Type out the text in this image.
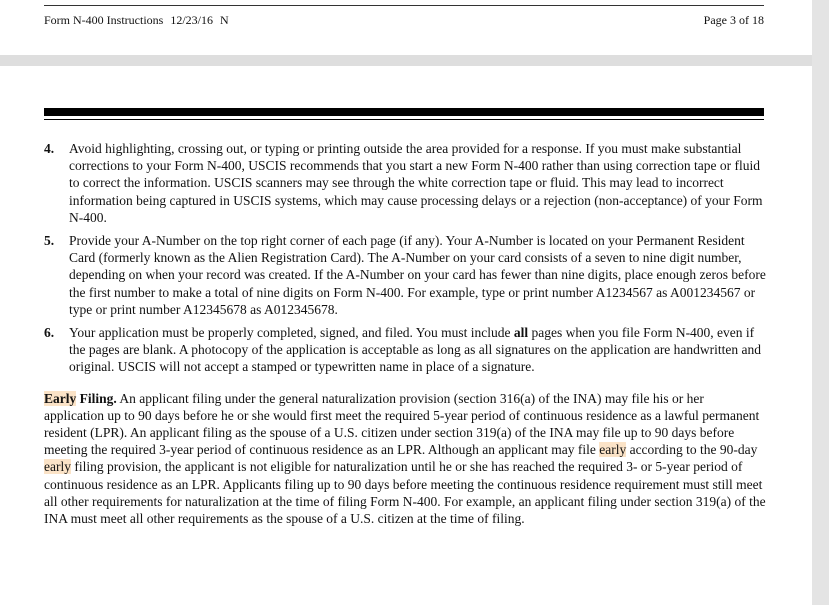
Form N-400 Instructions 12/23/16 N	Page 3 of 18
4.	Avoid highlighting, crossing out, or typing or printing outside the area provided for a response. If you must make substantial corrections to your Form N-400, USCIS recommends that you start a new Form N-400 rather than using correction tape or fluid to correct the information. USCIS scanners may see through the white correction tape or fluid. This may lead to incorrect information being captured in USCIS systems, which may cause processing delays or a rejection (non-acceptance) of your Form N-400.
5.	Provide your A-Number on the top right corner of each page (if any). Your A-Number is located on your Permanent Resident Card (formerly known as the Alien Registration Card). The A-Number on your card consists of a seven to nine digit number, depending on when your record was created. If the A-Number on your card has fewer than nine digits, place enough zeros before the first number to make a total of nine digits on Form N-400. For example, type or print number A1234567 as A001234567 or type or print number A12345678 as A012345678.
6.	Your application must be properly completed, signed, and filed. You must include all pages when you file Form N-400, even if the pages are blank. A photocopy of the application is acceptable as long as all signatures on the application are handwritten and original. USCIS will not accept a stamped or typewritten name in place of a signature.
Early Filing. An applicant filing under the general naturalization provision (section 316(a) of the INA) may file his or her application up to 90 days before he or she would first meet the required 5-year period of continuous residence as a lawful permanent resident (LPR). An applicant filing as the spouse of a U.S. citizen under section 319(a) of the INA may file up to 90 days before meeting the required 3-year period of continuous residence as an LPR. Although an applicant may file early according to the 90-day early filing provision, the applicant is not eligible for naturalization until he or she has reached the required 3- or 5-year period of continuous residence as an LPR. Applicants filing up to 90 days before meeting the continuous residence requirement must still meet all other requirements for naturalization at the time of filing Form N-400. For example, an applicant filing under section 319(a) of the INA must meet all other requirements as the spouse of a U.S. citizen at the time of filing.
